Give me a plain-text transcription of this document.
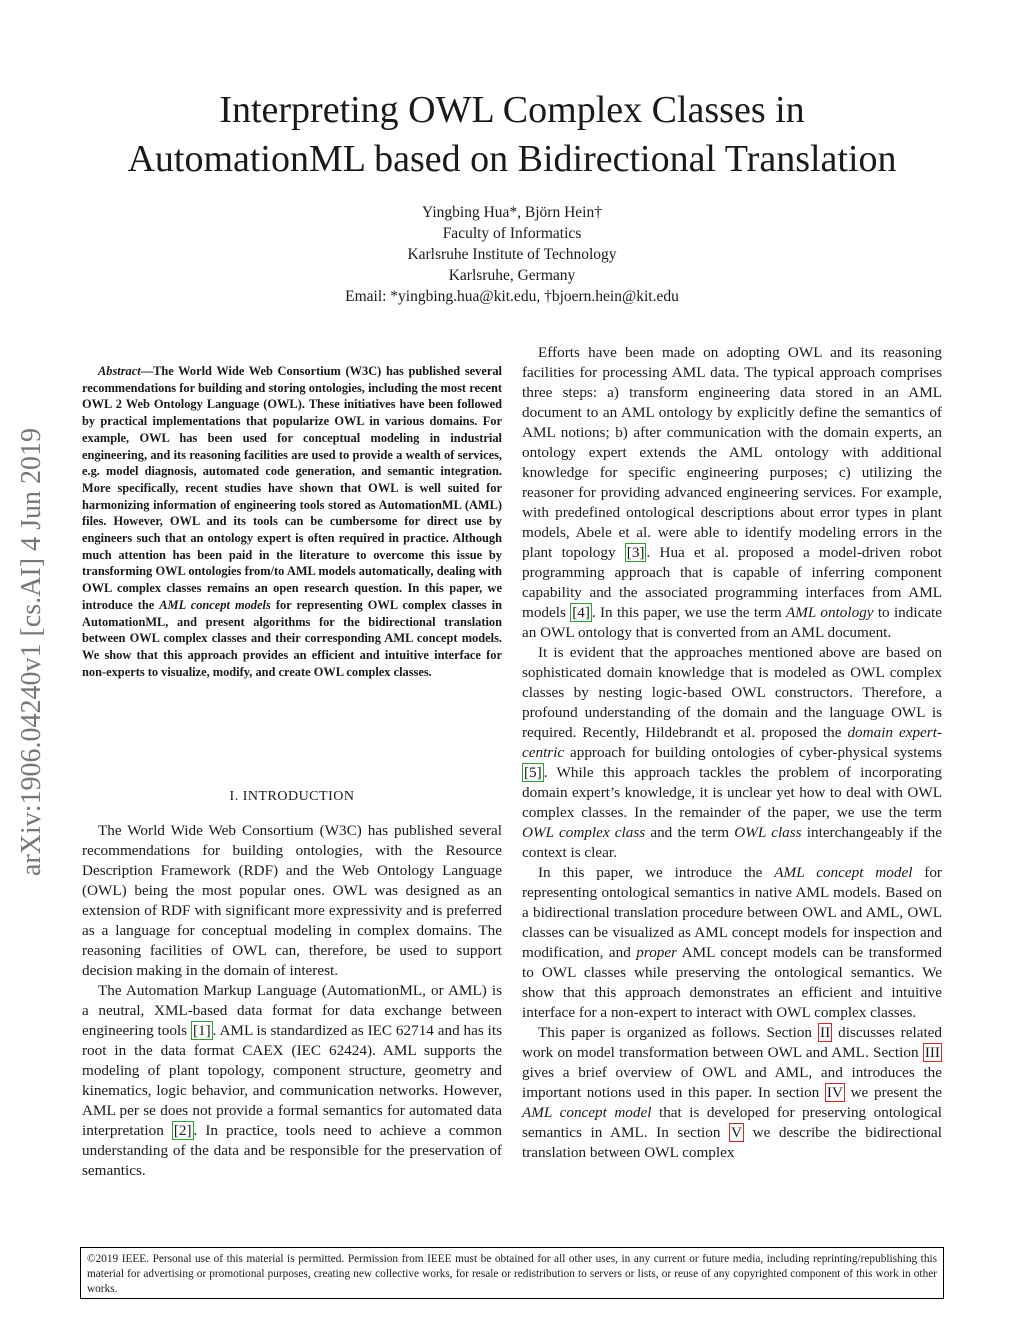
Interpreting OWL Complex Classes in
AutomationML based on Bidirectional Translation
Yingbing Hua*, Björn Hein†
Faculty of Informatics
Karlsruhe Institute of Technology
Karlsruhe, Germany
Email: *yingbing.hua@kit.edu, †bjoern.hein@kit.edu
arXiv:1906.04240v1 [cs.AI] 4 Jun 2019

Abstract—The World Wide Web Consortium (W3C) has published several recommendations for building and storing ontologies, including the most recent OWL 2 Web Ontology Language (OWL). These initiatives have been followed by practical implementations that popularize OWL in various domains. For example, OWL has been used for conceptual modeling in industrial engineering, and its reasoning facilities are used to provide a wealth of services, e.g. model diagnosis, automated code generation, and semantic integration. More specifically, recent studies have shown that OWL is well suited for harmonizing information of engineering tools stored as AutomationML (AML) files. However, OWL and its tools can be cumbersome for direct use by engineers such that an ontology expert is often required in practice. Although much attention has been paid in the literature to overcome this issue by transforming OWL ontologies from/to AML models automatically, dealing with OWL complex classes remains an open research question. In this paper, we introduce the AML concept models for representing OWL complex classes in AutomationML, and present algorithms for the bidirectional translation between OWL complex classes and their corresponding AML concept models. We show that this approach provides an efficient and intuitive interface for non-experts to visualize, modify, and create OWL complex classes.

I. INTRODUCTION

The World Wide Web Consortium (W3C) has published several recommendations for building ontologies, with the Resource Description Framework (RDF) and the Web Ontology Language (OWL) being the most popular ones. OWL was designed as an extension of RDF with significant more expressivity and is preferred as a language for conceptual modeling in complex domains. The reasoning facilities of OWL can, therefore, be used to support decision making in the domain of interest.

The Automation Markup Language (AutomationML, or AML) is a neutral, XML-based data format for data exchange between engineering tools [1] . AML is standardized as IEC 62714 and has its root in the data format CAEX (IEC 62424). AML supports the modeling of plant topology, component structure, geometry and kinematics, logic behavior, and communication networks. However, AML per se does not provide a formal semantics for automated data interpretation [2] . In practice, tools need to achieve a common understanding of the data and be responsible for the preservation of semantics.

Efforts have been made on adopting OWL and its reasoning facilities for processing AML data. The typical approach comprises three steps: a) transform engineering data stored in an AML document to an AML ontology by explicitly define the semantics of AML notions; b) after communication with the domain experts, an ontology expert extends the AML ontology with additional knowledge for specific engineering purposes; c) utilizing the reasoner for providing advanced engineering services. For example, with predefined ontological descriptions about error types in plant models, Abele et al. were able to identify modeling errors in the plant topology [3] . Hua et al. proposed a model-driven robot programming approach that is capable of inferring component capability and the associated programming interfaces from AML models [4] . In this paper, we use the term AML ontology to indicate an OWL ontology that is converted from an AML document.

It is evident that the approaches mentioned above are based on sophisticated domain knowledge that is modeled as OWL complex classes by nesting logic-based OWL constructors. Therefore, a profound understanding of the domain and the language OWL is required. Recently, Hildebrandt et al. proposed the domain expert-centric approach for building ontologies of cyber-physical systems [5] . While this approach tackles the problem of incorporating domain expert’s knowledge, it is unclear yet how to deal with OWL complex classes. In the remainder of the paper, we use the term OWL complex class and the term OWL class interchangeably if the context is clear.

In this paper, we introduce the AML concept model for representing ontological semantics in native AML models. Based on a bidirectional translation procedure between OWL and AML, OWL classes can be visualized as AML concept models for inspection and modification, and proper AML concept models can be transformed to OWL classes while preserving the ontological semantics. We show that this approach demonstrates an efficient and intuitive interface for a non-expert to interact with OWL complex classes.

This paper is organized as follows. Section II discusses related work on model transformation between OWL and AML. Section III gives a brief overview of OWL and AML, and introduces the important notions used in this paper. In section IV we present the AML concept model that is developed for preserving ontological semantics in AML. In section V we describe the bidirectional translation between OWL complex

©2019 IEEE. Personal use of this material is permitted. Permission from IEEE must be obtained for all other uses, in any current or future media, including reprinting/republishing this material for advertising or promotional purposes, creating new collective works, for resale or redistribution to servers or lists, or reuse of any copyrighted component of this work in other works.
